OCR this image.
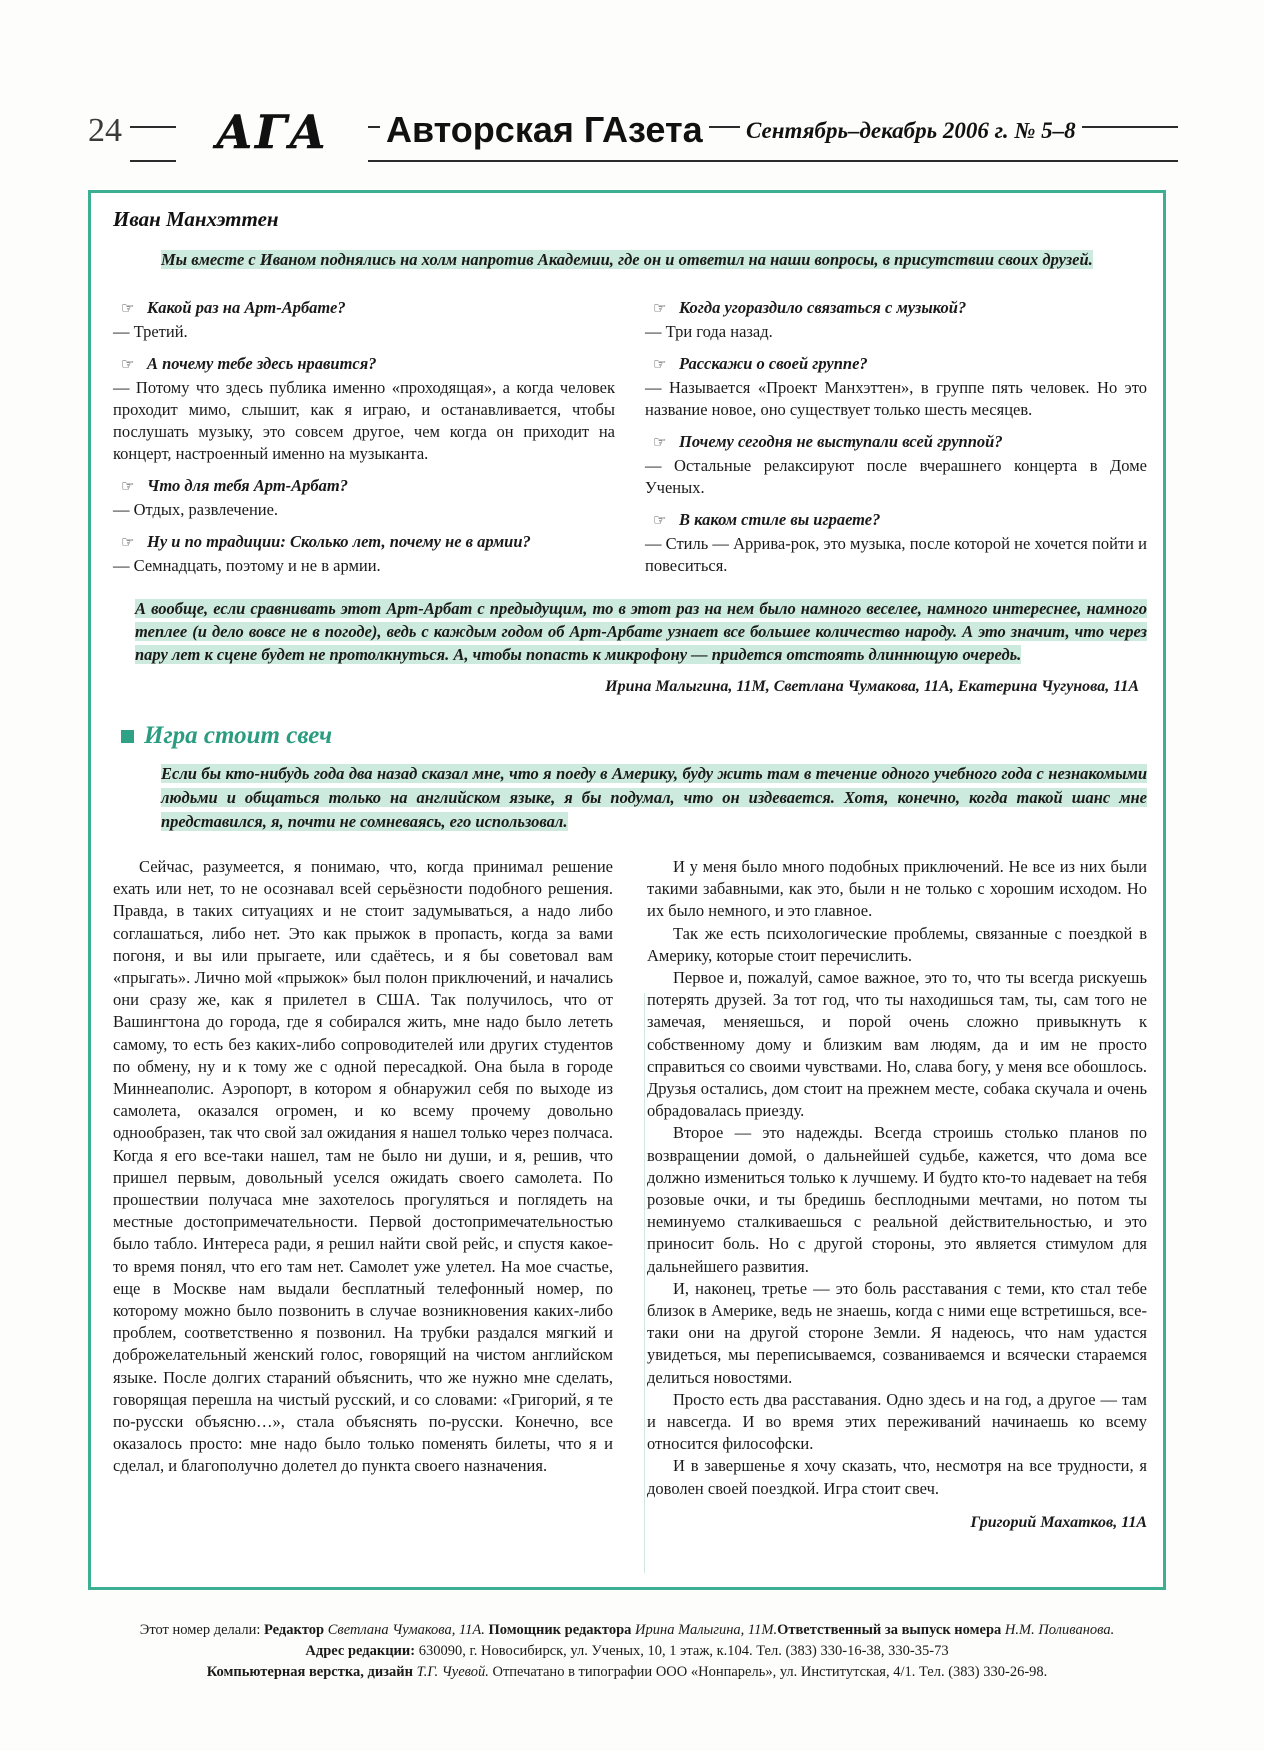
24	АГА	Авторская ГАзета Сентябрь–декабрь 2006 г. № 5–8
Иван Манхэттен
Мы вместе с Иваном поднялись на холм напротив Академии, где он и ответил на наши вопросы, в присутствии своих друзей.
☞ Какой раз на Арт-Арбате?
— Третий.
☞ А почему тебе здесь нравится?
— Потому что здесь публика именно «проходящая», а когда человек проходит мимо, слышит, как я играю, и останавливается, чтобы послушать музыку, это совсем другое, чем когда он приходит на концерт, настроенный именно на музыканта.
☞ Что для тебя Арт-Арбат?
— Отдых, развлечение.
☞ Ну и по традиции: Сколько лет, почему не в армии?
— Семнадцать, поэтому и не в армии.
☞ Когда угораздило связаться с музыкой?
— Три года назад.
☞ Расскажи о своей группе?
— Называется «Проект Манхэттен», в группе пять человек. Но это название новое, оно существует только шесть месяцев.
☞ Почему сегодня не выступали всей группой?
— Остальные релаксируют после вчерашнего концерта в Доме Ученых.
☞ В каком стиле вы играете?
— Стиль — Аррива-рок, это музыка, после которой не хочется пойти и повеситься.
А вообще, если сравнивать этот Арт-Арбат с предыдущим, то в этот раз на нем было намного веселее, намного интереснее, намного теплее (и дело вовсе не в погоде), ведь с каждым годом об Арт-Арбате узнает все большее количество народу. А это значит, что через пару лет к сцене будет не протолкнуться. А, чтобы попасть к микрофону — придется отстоять длиннющую очередь.
Ирина Малыгина, 11М, Светлана Чумакова, 11А, Екатерина Чугунова, 11А
Игра стоит свеч
Если бы кто-нибудь года два назад сказал мне, что я поеду в Америку, буду жить там в течение одного учебного года с незнакомыми людьми и общаться только на английском языке, я бы подумал, что он издевается. Хотя, конечно, когда такой шанс мне представился, я, почти не сомневаясь, его использовал.

Сейчас, разумеется, я понимаю, что, когда принимал решение ехать или нет, то не осознавал всей серьёзности подобного решения. Правда, в таких ситуациях и не стоит задумываться, а надо либо соглашаться, либо нет. Это как прыжок в пропасть, когда за вами погоня, и вы или прыгаете, или сдаётесь, и я бы советовал вам «прыгать». Лично мой «прыжок» был полон приключений, и начались они сразу же, как я прилетел в США. Так получилось, что от Вашингтона до города, где я собирался жить, мне надо было лететь самому, то есть без каких-либо сопроводителей или других студентов по обмену, ну и к тому же с одной пересадкой. Она была в городе Миннеаполис. Аэропорт, в котором я обнаружил себя по выходе из самолета, оказался огромен, и ко всему прочему довольно однообразен, так что свой зал ожидания я нашел только через полчаса. Когда я его все-таки нашел, там не было ни души, и я, решив, что пришел первым, довольный уселся ожидать своего самолета. По прошествии получаса мне захотелось прогуляться и поглядеть на местные достопримечательности. Первой достопримечательностью было табло. Интереса ради, я решил найти свой рейс, и спустя какое-то время понял, что его там нет. Самолет уже улетел. На мое счастье, еще в Москве нам выдали бесплатный телефонный номер, по которому можно было позвонить в случае возникновения каких-либо проблем, соответственно я позвонил. На трубки раздался мягкий и доброжелательный женский голос, говорящий на чистом английском языке. После долгих стараний объяснить, что же нужно мне сделать, говорящая перешла на чистый русский, и со словами: «Григорий, я те по-русски объясню…», стала объяснять по-русски. Конечно, все оказалось просто: мне надо было только поменять билеты, что я и сделал, и благополучно долетел до пункта своего назначения.

И у меня было много подобных приключений. Не все из них были такими забавными, как это, были н не только с хорошим исходом. Но их было немного, и это главное.

Так же есть психологические проблемы, связанные с поездкой в Америку, которые стоит перечислить.

Первое и, пожалуй, самое важное, это то, что ты всегда рискуешь потерять друзей. За тот год, что ты находишься там, ты, сам того не замечая, меняешься, и порой очень сложно привыкнуть к собственному дому и близким вам людям, да и им не просто справиться со своими чувствами. Но, слава богу, у меня все обошлось. Друзья остались, дом стоит на прежнем месте, собака скучала и очень обрадовалась приезду.

Второе — это надежды. Всегда строишь столько планов по возвращении домой, о дальнейшей судьбе, кажется, что дома все должно измениться только к лучшему. И будто кто-то надевает на тебя розовые очки, и ты бредишь бесплодными мечтами, но потом ты неминуемо сталкиваешься с реальной действительностью, и это приносит боль. Но с другой стороны, это является стимулом для дальнейшего развития.

И, наконец, третье — это боль расставания с теми, кто стал тебе близок в Америке, ведь не знаешь, когда с ними еще встретишься, все-таки они на другой стороне Земли. Я надеюсь, что нам удастся увидеться, мы переписываемся, созваниваемся и всячески стараемся делиться новостями.

Просто есть два расставания. Одно здесь и на год, а другое — там и навсегда. И во время этих переживаний начинаешь ко всему относится философски.

И в завершенье я хочу сказать, что, несмотря на все трудности, я доволен своей поездкой. Игра стоит свеч.

Григорий Махатков, 11А
Этот номер делали: Редактор Светлана Чумакова, 11А. Помощник редактора Ирина Малыгина, 11М.Ответственный за выпуск номера Н.М. Поливанова.
Адрес редакции: 630090, г. Новосибирск, ул. Ученых, 10, 1 этаж, к.104. Тел. (383) 330-16-38, 330-35-73
Компьютерная верстка, дизайн Т.Г. Чуевой. Отпечатано в типографии ООО «Нонпарель», ул. Институтская, 4/1. Тел. (383) 330-26-98.
